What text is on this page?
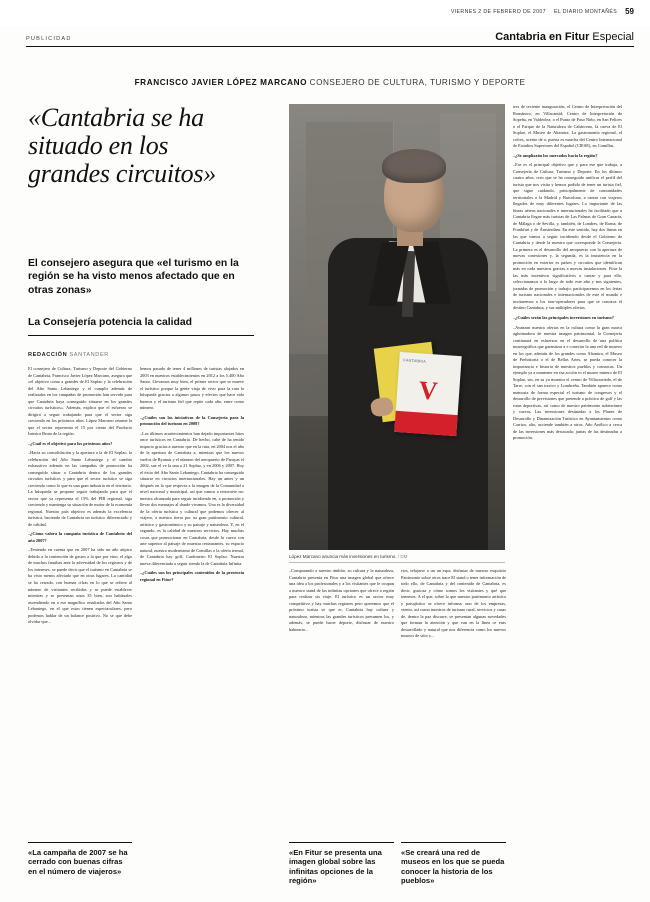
VIERNES 2 DE FEBRERO DE 2007 EL DIARIO MONTAÑÉS 59
PUBLICIDAD	Cantabria en Fitur Especial
FRANCISCO JAVIER LÓPEZ MARCANO CONSEJERO DE CULTURA, TURISMO Y DEPORTE
«Cantabria se ha situado en los grandes circuitos»
El consejero asegura que «el turismo en la región se ha visto menos afectado que en otras zonas»
La Consejería potencia la calidad
REDACCIÓN SANTANDER

El consejero de Cultura, Turismo y Deporte del Gobierno de Cantabria, Francisco Javier López Marcano, asegura que «el objetivo como a grandes de El Soplao y la celebración del Año Santo Lebaniego y el cumplir además de realizados en los campañas de promoción han servido para que Cantabria haya conseguido situarse en los grandes circuitos turísticos». Además, explica que el esfuerzo se dirigirá a seguir trabajando para que el sector siga creciendo en los próximos años. López Marcano resume la que el sector representa el 15 por ciento del Producto Interior Bruto de la región.

–¿Cuál es el objetivo para los próximos años?

–Hacia su consolidación y la apertura a la de El Soplao, la celebración del Año Santo Lebaniego y el cambio exhaustivo además en las campañas de promoción ha conseguido situar a Cantabria dentro de los grandes circuitos turísticos y para que el sector turístico se siga creciendo como lo que es una gran industria en el territorio. La búsqueda se propone seguir trabajando para que el sector que ya representa el 15% del PIB regional, siga creciendo y mantenga su situación de motor de la economía regional. Nuestro país objetivo es además la excelencia turística, haciendo de Cantabria un turístico diferenciado y de calidad.

–¿Cómo valora la campaña turística de Cantabria del año 2007?

–Teniendo en cuenta que en 2007 ha sido un año atípico debido a la contención de gastos a la que por vino, el algo de muchos familias ante la adversidad de los registros y de los intereses, se puede decir que el turismo en Cantabria se ha visto menos afectado que en otras lugares. La cantidad se ha cerrado, con buenas cifras en lo que se refiere al número de visitantes recibidos y se puede establecer mientras y se presentan unos 35 bien, son habituales ascendiendo en a ese magnífico resultados del Año Santo Lebaniego, en el que estos tienen espectaculares, pero podemos hablar de un balance positivo. No se que debe olvidar que...

hemos pasado de tener 4 millones de turistas alojados en 2003 en nuestros establecimientos en 2012 a los 5.400 Año Santo. Llevamos muy bien, el primer sector que se mueve el turístico porque la gente viaja de vivir para la ruta la búsqueda gracias a algunos pasos y efectos que hace sido buenos y el turismo fiel que repite cada año, entre como número.

–¿Cuáles son las iniciativas de la Consejería para la promoción del turismo en 2008?

–Los últimos acontecimientos han dejado importantes hitos once turísticos en Cantabria. De hecho, cabe de ha tenido impacto gracias a nuestro que en la ruta, en 2004 nos el año de la apertura de Cantabria a, mientras que los nuevos vuelos de Ryanair y el número del aeropuerto de Parayas el 2002, sue el ve la una a 21 Soplao, y en 2006 y 2007. Hoy el éxito del Año Santo Lebaniego, Cantabria ha conseguido situarse en circuitos internacionales. Hay un antes y un después en lo que respecta a la imagen de la Comunidad a nivel nacional y municipal, así que vamos a renovarse no: nuestra alcanzada para seguir incidiendo en, a promoción y llevar dos mensajes al donde vivamos. Una es la diversidad de la oferta turística y cultural que podemos ofrecer al viajero, a nuestra tierra por su gran patrimonio cultural, artístico y gastronómico y su paisaje y naturaleza. Y, en el segundo, es la calidad de nuestros servicios. Hay muchas cosas que promocionar en Cantabria, desde la cueva con arte superior al paisaje de muestra restaurantes, su espacio natural, nuestro modernismo de Comillas o la oferta termal, de Cantabria hay golf, Cardoneiro El Soplao. Nuestra nueva diferenciada a seguir siendo la de Cantabria Infinita.

–¿Cuáles son los principales contenidos de la presencia regional en Fitur?

CANTABRIA
V
López Marcano anuncia más inversiones en turismo. / DM

–Comparando a nuestro ámbito, su cultura y la naturaleza, Cantabria presenta en Fitur una imagen global que ofrece una idea a los profesionales y a los visitantes que le ocupan a nuestro stand de las infinitas opciones que ofrece a región para realizar un viaje. El turístico es un sector muy competitivo y hay muchas regiones pero queremos que el próximo turista se que er, Cantabria hay cultura y naturaleza, mientras las grandes turísticos presumen los, y además, se puede hacer deporte, disfrutar de nuestro balneario...

rios, relajarse a un un espa, disfrutar de nuestro exquisito Patrimonio sobre otros trace El stand o tener información de todo ello, de Cantabria y del contenido de Cantabria, es decir, gustosa y cómo somos los visitantes y qué que tenemos. A el que, sobre lo que nuestro patrimonio artístico y paisajístico se ofrece informa; uno de los empresas, viento, así como nuestros de turismo rural, servicios y casas de, dentro la paz discurre, se presentan algunas novedades que forman la atención y que van en la línea ce esas desarrollado y natural que nos diferencia como los nuevos museos de sitio y...

tres de reciente inauguración, el Centro de Interpretación del Románico, en Villacantid; Centro de Interpretación de Sopeña, en Valdeolea; o el Punto de Paso Niño, en San Felices o el Parque de la Naturaleza de Cabárceno, la cueva de El Soplao, el Museo de Altamira. La gastronomía regional, el cofres, acento de a, puesta es marcha del Centro Internacional de Estudios Superiores del Español (CIESE), en Comillas.

–¿Se ampliarán los mercados hacia la región?

–Ese es el principal objetivo que y para ese que trabaja, a Consejería de Cultura, Turismo y Deporte. En los últimos cuatro años, creo que se ha conseguido unificar el perfil del turista que nos visita y hemos podido de tener un turista fiel, que sigue cuidando, principalmente de comunidades territoriales o la Madrid y Barcelona, a cantar con viajeros llegados de muy diferentes lugares. Lo importante de las líneas aéreas nacionales e internacionales ha facilitado que a Cantabria llegue más turistas de Las Palmas de Gran Canaria, de Málaga o de Sevilla, y, también, de Londres, de Roma, de Frankfurt y de Ámsterdam. En este sentido, hay dos líneas en las que vamos a seguir incidiendo desde el Gobierno de Cantabria y desde la nuestra que corresponde la Consejería. La primera es el desarrollo del aeropuerto con la apertura de nuevas conexiones y, la segunda, es la insistencia en la promoción en exterior es países y circuitos que identifican más en cada nuestros gracias a nuevas instalaciones. Fitur la las más incentivos significativos a cantar y para ello, seleccionamos a lo largo de todo este año y nos siguientes, jornadas de promoción y trabajo; participaremos en los ferias de turismo nacionales e internacionales de este el mundo e invitaremos a los tour-operadores para que se conozca el destino Cantabria, y sus múltiples ofertas.

–¿Cuáles serán las principales inversiones en turismo?

–Avanzan nuestra ofertas en la cultura como la gran marca aglutinadora de nuestra imagen patrimonial, la Consejería continuará en esfuerzos en el desarrollo de una política museográfica que garantizar a e conectar la una red de museos en los que, además de los grandes como Altamira, el Museo de Prehistoria o el de Bellas Artes, se pueda conocer la importancia e historia de nuestros pueblos y comarcas. Un ejemplo ya a mantener en esa acción es el museo minero de El Soplao, sin, en su ya muestra el centro de Villacarriedo, el de Tarre, con el san torrico y Lombreña. También aparece como memoria de forma especial el turismo de congresos y el desarrollo de previsiones que pretende a práctica de golf y las rutas deportivas, así como de nuestro patrimonio subterráneo y cuevas. Las inversiones destinadas a los Planes de Desarrollo y Dinamización Turístico en Ayuntamientos como Carrizo, alto, asciende también a otros. Año Aeólico a cerca de las inversiones más destacada; juntas de las destinadas a promoción.

«La campaña de 2007 se ha cerrado con buenas cifras en el número de viajeros»
«En Fitur se presenta una imagen global sobre las infinitas opciones de la región»
«Se creará una red de museos en los que se pueda conocer la historia de los pueblos»
